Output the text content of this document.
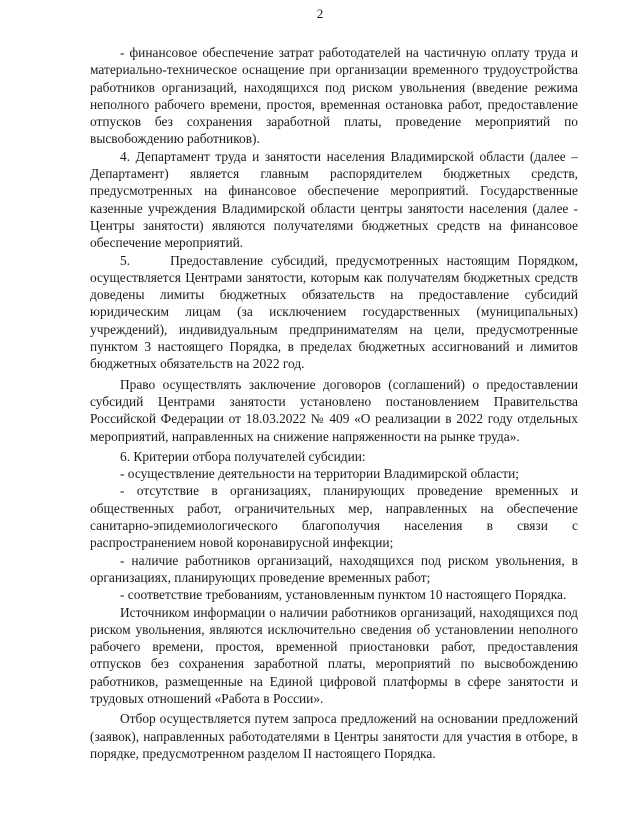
2

- финансовое обеспечение затрат работодателей на частичную оплату труда и материально-техническое оснащение при организации временного трудоустройства работников организаций, находящихся под риском увольнения (введение режима неполного рабочего времени, простоя, временная остановка работ, предоставление отпусков без сохранения заработной платы, проведение мероприятий по высвобождению работников).

4. Департамент труда и занятости населения Владимирской области (далее – Департамент) является главным распорядителем бюджетных средств, предусмотренных на финансовое обеспечение мероприятий. Государственные казенные учреждения Владимирской области центры занятости населения (далее - Центры занятости) являются получателями бюджетных средств на финансовое обеспечение мероприятий.

5.     Предоставление субсидий, предусмотренных настоящим Порядком, осуществляется Центрами занятости, которым как получателям бюджетных средств доведены лимиты бюджетных обязательств на предоставление субсидий юридическим лицам (за исключением государственных (муниципальных) учреждений), индивидуальным предпринимателям на цели, предусмотренные пунктом 3 настоящего Порядка, в пределах бюджетных ассигнований и лимитов бюджетных обязательств на 2022 год.

Право осуществлять заключение договоров (соглашений) о предоставлении субсидий Центрами занятости установлено постановлением Правительства Российской Федерации от 18.03.2022 № 409 «О реализации в 2022 году отдельных мероприятий, направленных на снижение напряженности на рынке труда».

6. Критерии отбора получателей субсидии:

- осуществление деятельности на территории Владимирской области;

- отсутствие в организациях, планирующих проведение временных и общественных работ, ограничительных мер, направленных на обеспечение санитарно-эпидемиологического благополучия населения в связи с распространением новой коронавирусной инфекции;

- наличие работников организаций, находящихся под риском увольнения, в организациях, планирующих проведение временных работ;

- соответствие требованиям, установленным пунктом 10 настоящего Порядка.

Источником информации о наличии работников организаций, находящихся под риском увольнения, являются исключительно сведения об установлении неполного рабочего времени, простоя, временной приостановки работ, предоставления отпусков без сохранения заработной платы, мероприятий по высвобождению работников, размещенные на Единой цифровой платформы в сфере занятости и трудовых отношений «Работа в России».

Отбор осуществляется путем запроса предложений на основании предложений (заявок), направленных работодателями в Центры занятости для участия в отборе, в порядке, предусмотренном разделом II настоящего Порядка.
